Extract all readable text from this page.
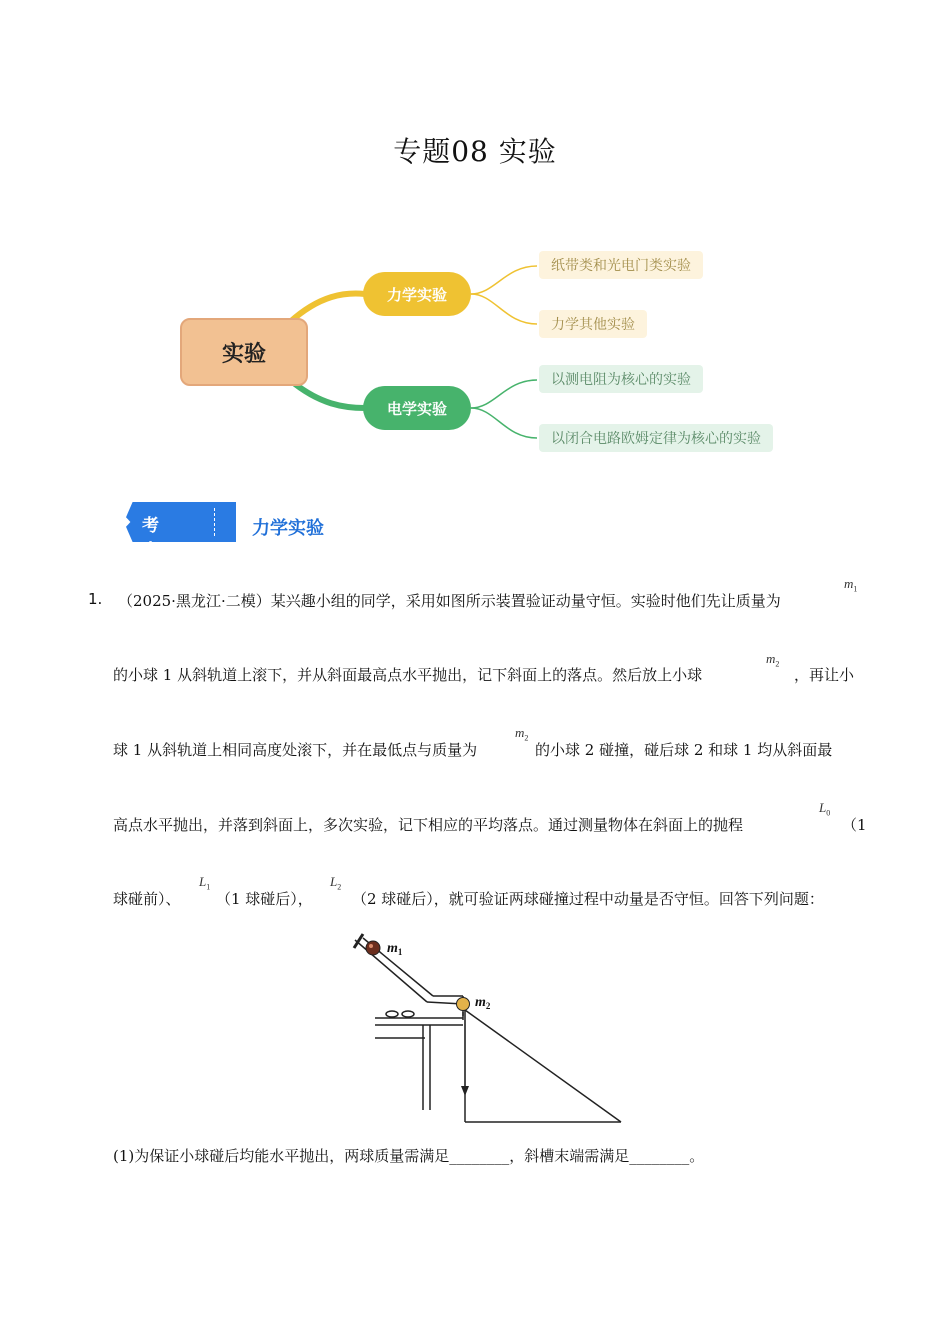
专题08 实验
实验
力学实验
电学实验
纸带类和光电门类实验
力学其他实验
以测电阻为核心的实验
以闭合电路欧姆定律为核心的实验
考点01
力学实验
1. （2025·黑龙江·二模）某兴趣小组的同学，采用如图所示装置验证动量守恒。实验时他们先让质量为
$m_1$
的小球 1 从斜轨道上滚下，并从斜面最高点水平抛出，记下斜面上的落点。然后放上小球
$m_2$
，再让小
球 1 从斜轨道上相同高度处滚下，并在最低点与质量为
$m_2$
的小球 2 碰撞，碰后球 2 和球 1 均从斜面最
高点水平抛出，并落到斜面上，多次实验，记下相应的平均落点。通过测量物体在斜面上的抛程
$L_0$
（1
球碰前）、
$L_1$
（1 球碰后），
$L_2$
（2 球碰后），就可验证两球碰撞过程中动量是否守恒。回答下列问题：
$m_1$
$m_2$
(1)为保证小球碰后均能水平抛出，两球质量需满足________，斜槽末端需满足________。
